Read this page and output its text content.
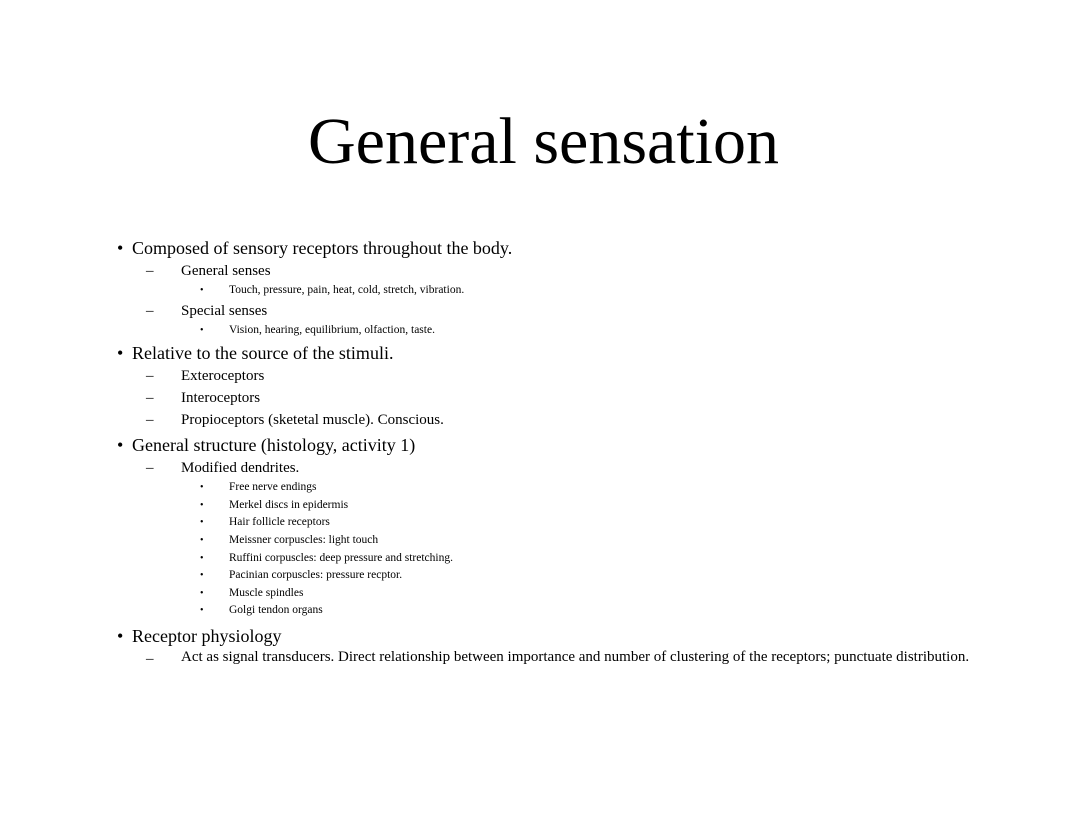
General sensation
• Composed of sensory receptors throughout the body.
– General senses
• Touch, pressure, pain, heat, cold, stretch, vibration.
– Special senses
• Vision, hearing, equilibrium, olfaction, taste.
• Relative to the source of the stimuli.
– Exteroceptors
– Interoceptors
– Propioceptors (sketetal muscle). Conscious.
• General structure (histology, activity 1)
– Modified dendrites.
• Free nerve endings
• Merkel discs in epidermis
• Hair follicle receptors
• Meissner corpuscles: light touch
• Ruffini corpuscles: deep pressure and stretching.
• Pacinian corpuscles: pressure recptor.
• Muscle spindles
• Golgi tendon organs
• Receptor physiology
– Act as signal transducers. Direct relationship between importance and number of clustering of the receptors; punctuate distribution.
